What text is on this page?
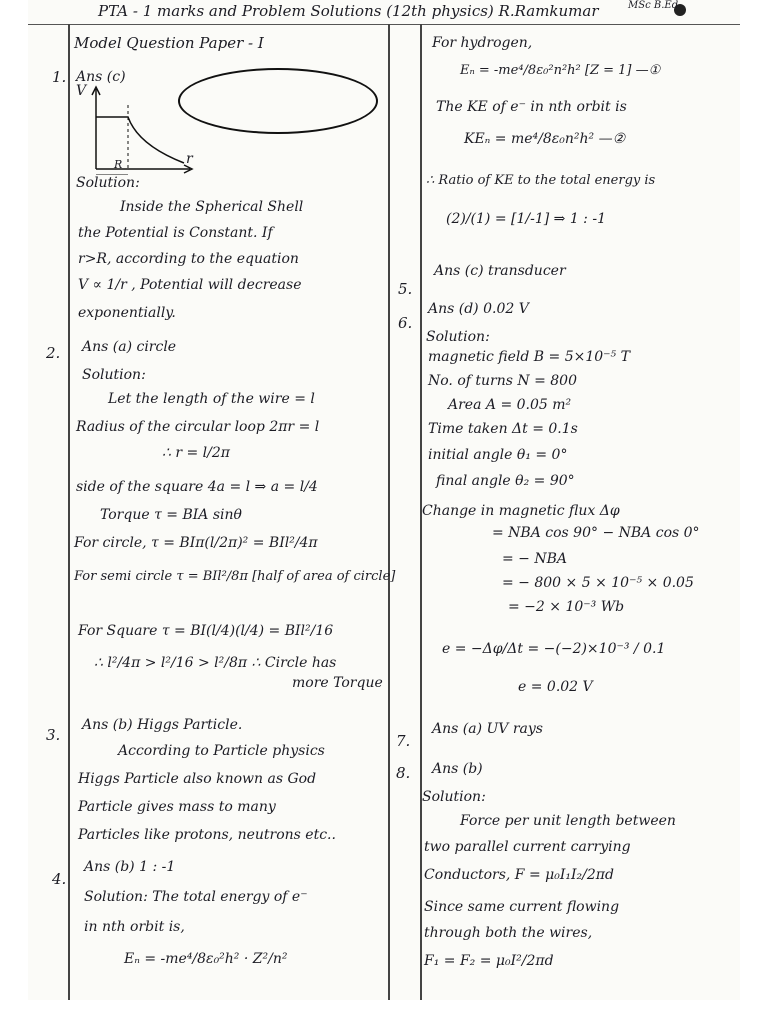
PTA - 1 marks and Problem Solutions (12th physics) R.Ramkumar	MSc B.Ed
Model Question Paper - I
1. Ans (c)
V
r
R
Solution:
Inside the Spherical Shell
the Potential is Constant. If
r>R, according to the equation
V ∝ 1/r , Potential will decrease
exponentially.
2. Ans (a) circle
Solution:
Let the length of the wire = l
Radius of the circular loop 2πr = l
∴ r = l/2π
side of the square 4a = l ⇒ a = l/4
Torque τ = BIA sinθ
For circle, τ = BIπ(l/2π)² = BIl²/4π
For semi circle τ = BIl²/8π [half of area of circle]
For Square τ = BI(l/4)(l/4) = BIl²/16
∴ l²/4π > l²/16 > l²/8π ∴ Circle has
more Torque
3.
Ans (b) Higgs Particle.
According to Particle physics
Higgs Particle also known as God
Particle gives mass to many
Particles like protons, neutrons etc..
4.
Ans (b) 1 : -1
Solution: The total energy of e⁻
in nth orbit is,
Eₙ = -me⁴/8ε₀²h² · Z²/n²
For hydrogen,
Eₙ = -me⁴/8ε₀²n²h² [Z = 1] —①
The KE of e⁻ in nth orbit is
KEₙ = me⁴/8ε₀n²h² —②
∴ Ratio of KE to the total energy is
(2)/(1) = [1/-1] ⇒ 1 : -1
5.
Ans (c) transducer
6.
Ans (d) 0.02 V
Solution:
magnetic field B = 5×10⁻⁵ T
No. of turns N = 800
Area A = 0.05 m²
Time taken Δt = 0.1s
initial angle θ₁ = 0°
final angle θ₂ = 90°
Change in magnetic flux Δφ
= NBA cos 90° − NBA cos 0°
= − NBA
= − 800 × 5 × 10⁻⁵ × 0.05
= −2 × 10⁻³ Wb
e = −Δφ/Δt = −(−2)×10⁻³ / 0.1
e = 0.02 V
7.
Ans (a) UV rays
8. Ans (b)
Solution:
Force per unit length between
two parallel current carrying
Conductors, F = μ₀I₁I₂/2πd
Since same current flowing
through both the wires,
F₁ = F₂ = μ₀I²/2πd
